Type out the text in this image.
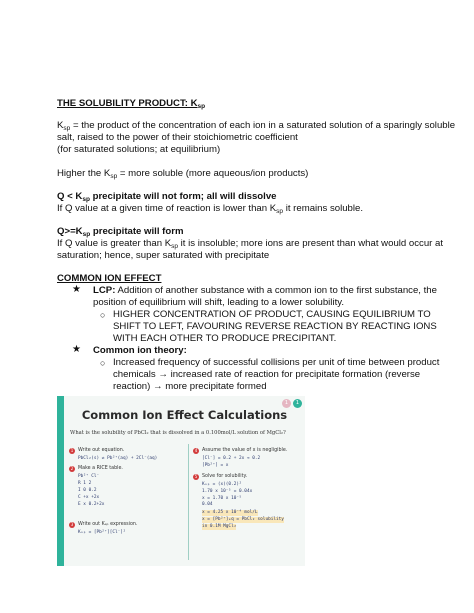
THE SOLUBILITY PRODUCT: $K_{sp}$
$K_{sp}$ = the product of the concentration of each ion in a saturated solution of a sparingly soluble
salt, raised to the power of their stoichiometric coefficient
(for saturated solutions; at equilibrium)
Higher the $K_{sp}$ = more soluble (more aqueous/ion products)
$Q < K_{sp}$ precipitate will not form; all will dissolve
If Q value at a given time of reaction is lower than $K_{sp}$ it remains soluble.
$Q>=K_{sp}$ precipitate will form
If Q value is greater than $K_{sp}$ it is insoluble; more ions are present than what would occur at
saturation; hence, super saturated with precipitate
COMMON ION EFFECT
★ LCP: Addition of another substance with a common ion to the first substance, the
position of equilibrium will shift, leading to a lower solubility.
○ HIGHER CONCENTRATION OF PRODUCT, CAUSING EQUILIBRIUM TO
SHIFT TO LEFT, FAVOURING REVERSE REACTION BY REACTING IONS
WITH EACH OTHER TO PRODUCE PRECIPITANT.
★ Common ion theory:
○ Increased frequency of successful collisions per unit of time between product
chemicals → increased rate of reaction for precipitate formation (reverse
reaction) → more precipitate formed
1	1
Common Ion Effect Calculations
What is the solubility of PbCl₂ that is dissolved in a 0.100mol/L solution of MgCl₂?
1 Write out equation.
PbCl₂(s) ⇌ Pb²⁺(aq) + 2Cl⁻(aq)
2 Make a RICE table.
Pb²⁺ Cl⁻
R 1 2
I 0 0.2
C +x +2x
E x 0.2+2x
3 Write out Kₛₚ expression.
Kₛₚ = [Pb²⁺][Cl⁻]²
4 Assume the value of x is negligible.
[Cl⁻] = 0.2 + 2x ≈ 0.2
[Pb²⁺] = x
5 Solve for solubility.
Kₛₚ = (x)(0.2)²
1.70 x 10⁻⁵ = 0.04x
x = 1.70 x 10⁻⁵
0.04
x = 4.25 x 10⁻⁴ mol/L
x = [Pb²⁺]ₑq = PbCl₂ solubility
in 0.1M MgCl₂
